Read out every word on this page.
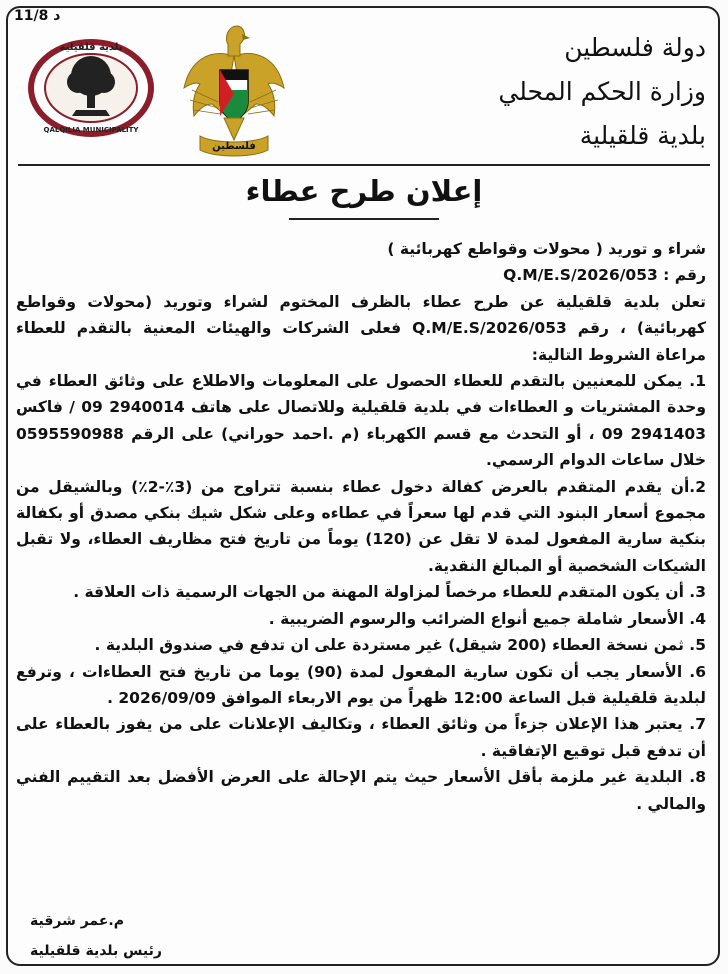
11/8 د
دولة فلسطين
وزارة الحكم المحلي
بلدية قلقيلية
فلسطين
بلدية قلقيلية
QALQILIA MUNICIPALITY
إعلان طرح عطاء

شراء و توريد ( محولات وقواطع كهربائية )

رقم : Q.M/E.S/2026/053

تعلن بلدية قلقيلية عن طرح عطاء بالظرف المختوم لشراء وتوريد (محولات وقواطع كهربائية) ، رقم Q.M/E.S/2026/053 فعلى الشركات والهيئات المعنية بالتقدم للعطاء مراعاة الشروط التالية:

1. يمكن للمعنيين بالتقدم للعطاء الحصول على المعلومات والاطلاع على وثائق العطاء في وحدة المشتريات و العطاءات في بلدية قلقيلية وللاتصال على هاتف 2940014 09 / فاكس 2941403 09 ، أو التحدث مع قسم الكهرباء (م .احمد حوراني) على الرقم 0595590988 خلال ساعات الدوام الرسمي.

2.أن يقدم المتقدم بالعرض كفالة دخول عطاء بنسبة تتراوح من (3٪-2٪) وبالشيقل من مجموع أسعار البنود التي قدم لها سعراً في عطاءه وعلى شكل شيك بنكي مصدق أو بكفالة بنكية سارية المفعول لمدة لا تقل عن (120) يوماً من تاريخ فتح مظاريف العطاء، ولا تقبل الشيكات الشخصية أو المبالغ النقدية.

3. أن يكون المتقدم للعطاء مرخصاً لمزاولة المهنة من الجهات الرسمية ذات العلاقة .

4. الأسعار شاملة جميع أنواع الضرائب والرسوم الضريبية .

5. ثمن نسخة العطاء (200 شيقل) غير مستردة على ان تدفع في صندوق البلدية .

6. الأسعار يجب أن تكون سارية المفعول لمدة (90) يوما من تاريخ فتح العطاءات ، وترفع لبلدية قلقيلية قبل الساعة 12:00 ظهراً من يوم الاربعاء الموافق 2026/09/09 .

7. يعتبر هذا الإعلان جزءاً من وثائق العطاء ، وتكاليف الإعلانات على من يفوز بالعطاء على أن تدفع قبل توقيع الإتفاقية .

8. البلدية غير ملزمة بأقل الأسعار حيث يتم الإحالة على العرض الأفضل بعد التقييم الفني والمالي .

م.عمر شرقية
رئيس بلدية قلقيلية
